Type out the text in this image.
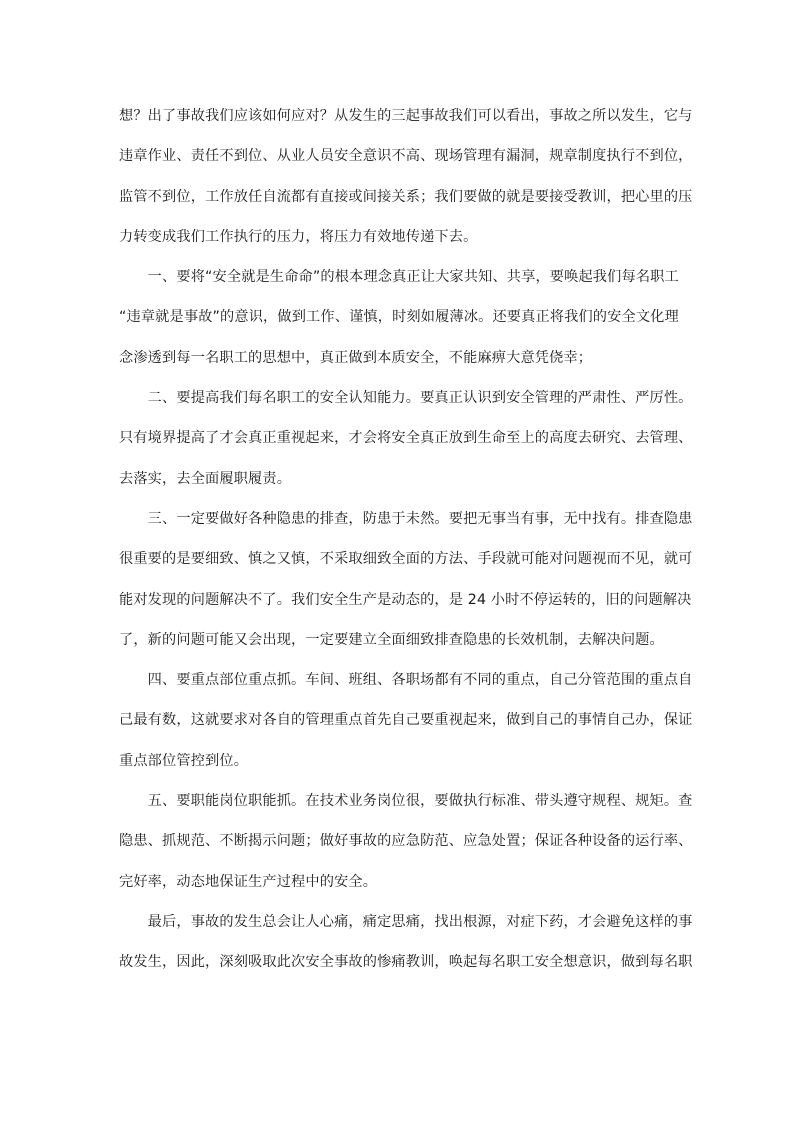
想？出了事故我们应该如何应对？从发生的三起事故我们可以看出，事故之所以发生，它与
违章作业、责任不到位、从业人员安全意识不高、现场管理有漏洞，规章制度执行不到位，
监管不到位，工作放任自流都有直接或间接关系；我们要做的就是要接受教训，把心里的压
力转变成我们工作执行的压力，将压力有效地传递下去。
　　一、要将“安全就是生命命”的根本理念真正让大家共知、共享，要唤起我们每名职工
“违章就是事故”的意识，做到工作、谨慎，时刻如履薄冰。还要真正将我们的安全文化理
念渗透到每一名职工的思想中，真正做到本质安全，不能麻痹大意凭侥幸；
　　二、要提高我们每名职工的安全认知能力。要真正认识到安全管理的严肃性、严厉性。
只有境界提高了才会真正重视起来，才会将安全真正放到生命至上的高度去研究、去管理、
去落实，去全面履职履责。
　　三、一定要做好各种隐患的排查，防患于未然。要把无事当有事，无中找有。排查隐患
很重要的是要细致、慎之又慎，不采取细致全面的方法、手段就可能对问题视而不见，就可
能对发现的问题解决不了。我们安全生产是动态的，是 24 小时不停运转的，旧的问题解决
了，新的问题可能又会出现，一定要建立全面细致排查隐患的长效机制，去解决问题。
　　四、要重点部位重点抓。车间、班组、各职场都有不同的重点，自己分管范围的重点自
己最有数，这就要求对各自的管理重点首先自己要重视起来，做到自己的事情自己办，保证
重点部位管控到位。
　　五、要职能岗位职能抓。在技术业务岗位很，要做执行标准、带头遵守规程、规矩。查
隐患、抓规范、不断揭示问题；做好事故的应急防范、应急处置；保证各种设备的运行率、
完好率，动态地保证生产过程中的安全。
　　最后，事故的发生总会让人心痛，痛定思痛，找出根源，对症下药，才会避免这样的事
故发生，因此，深刻吸取此次安全事故的惨痛教训，唤起每名职工安全想意识，做到每名职
